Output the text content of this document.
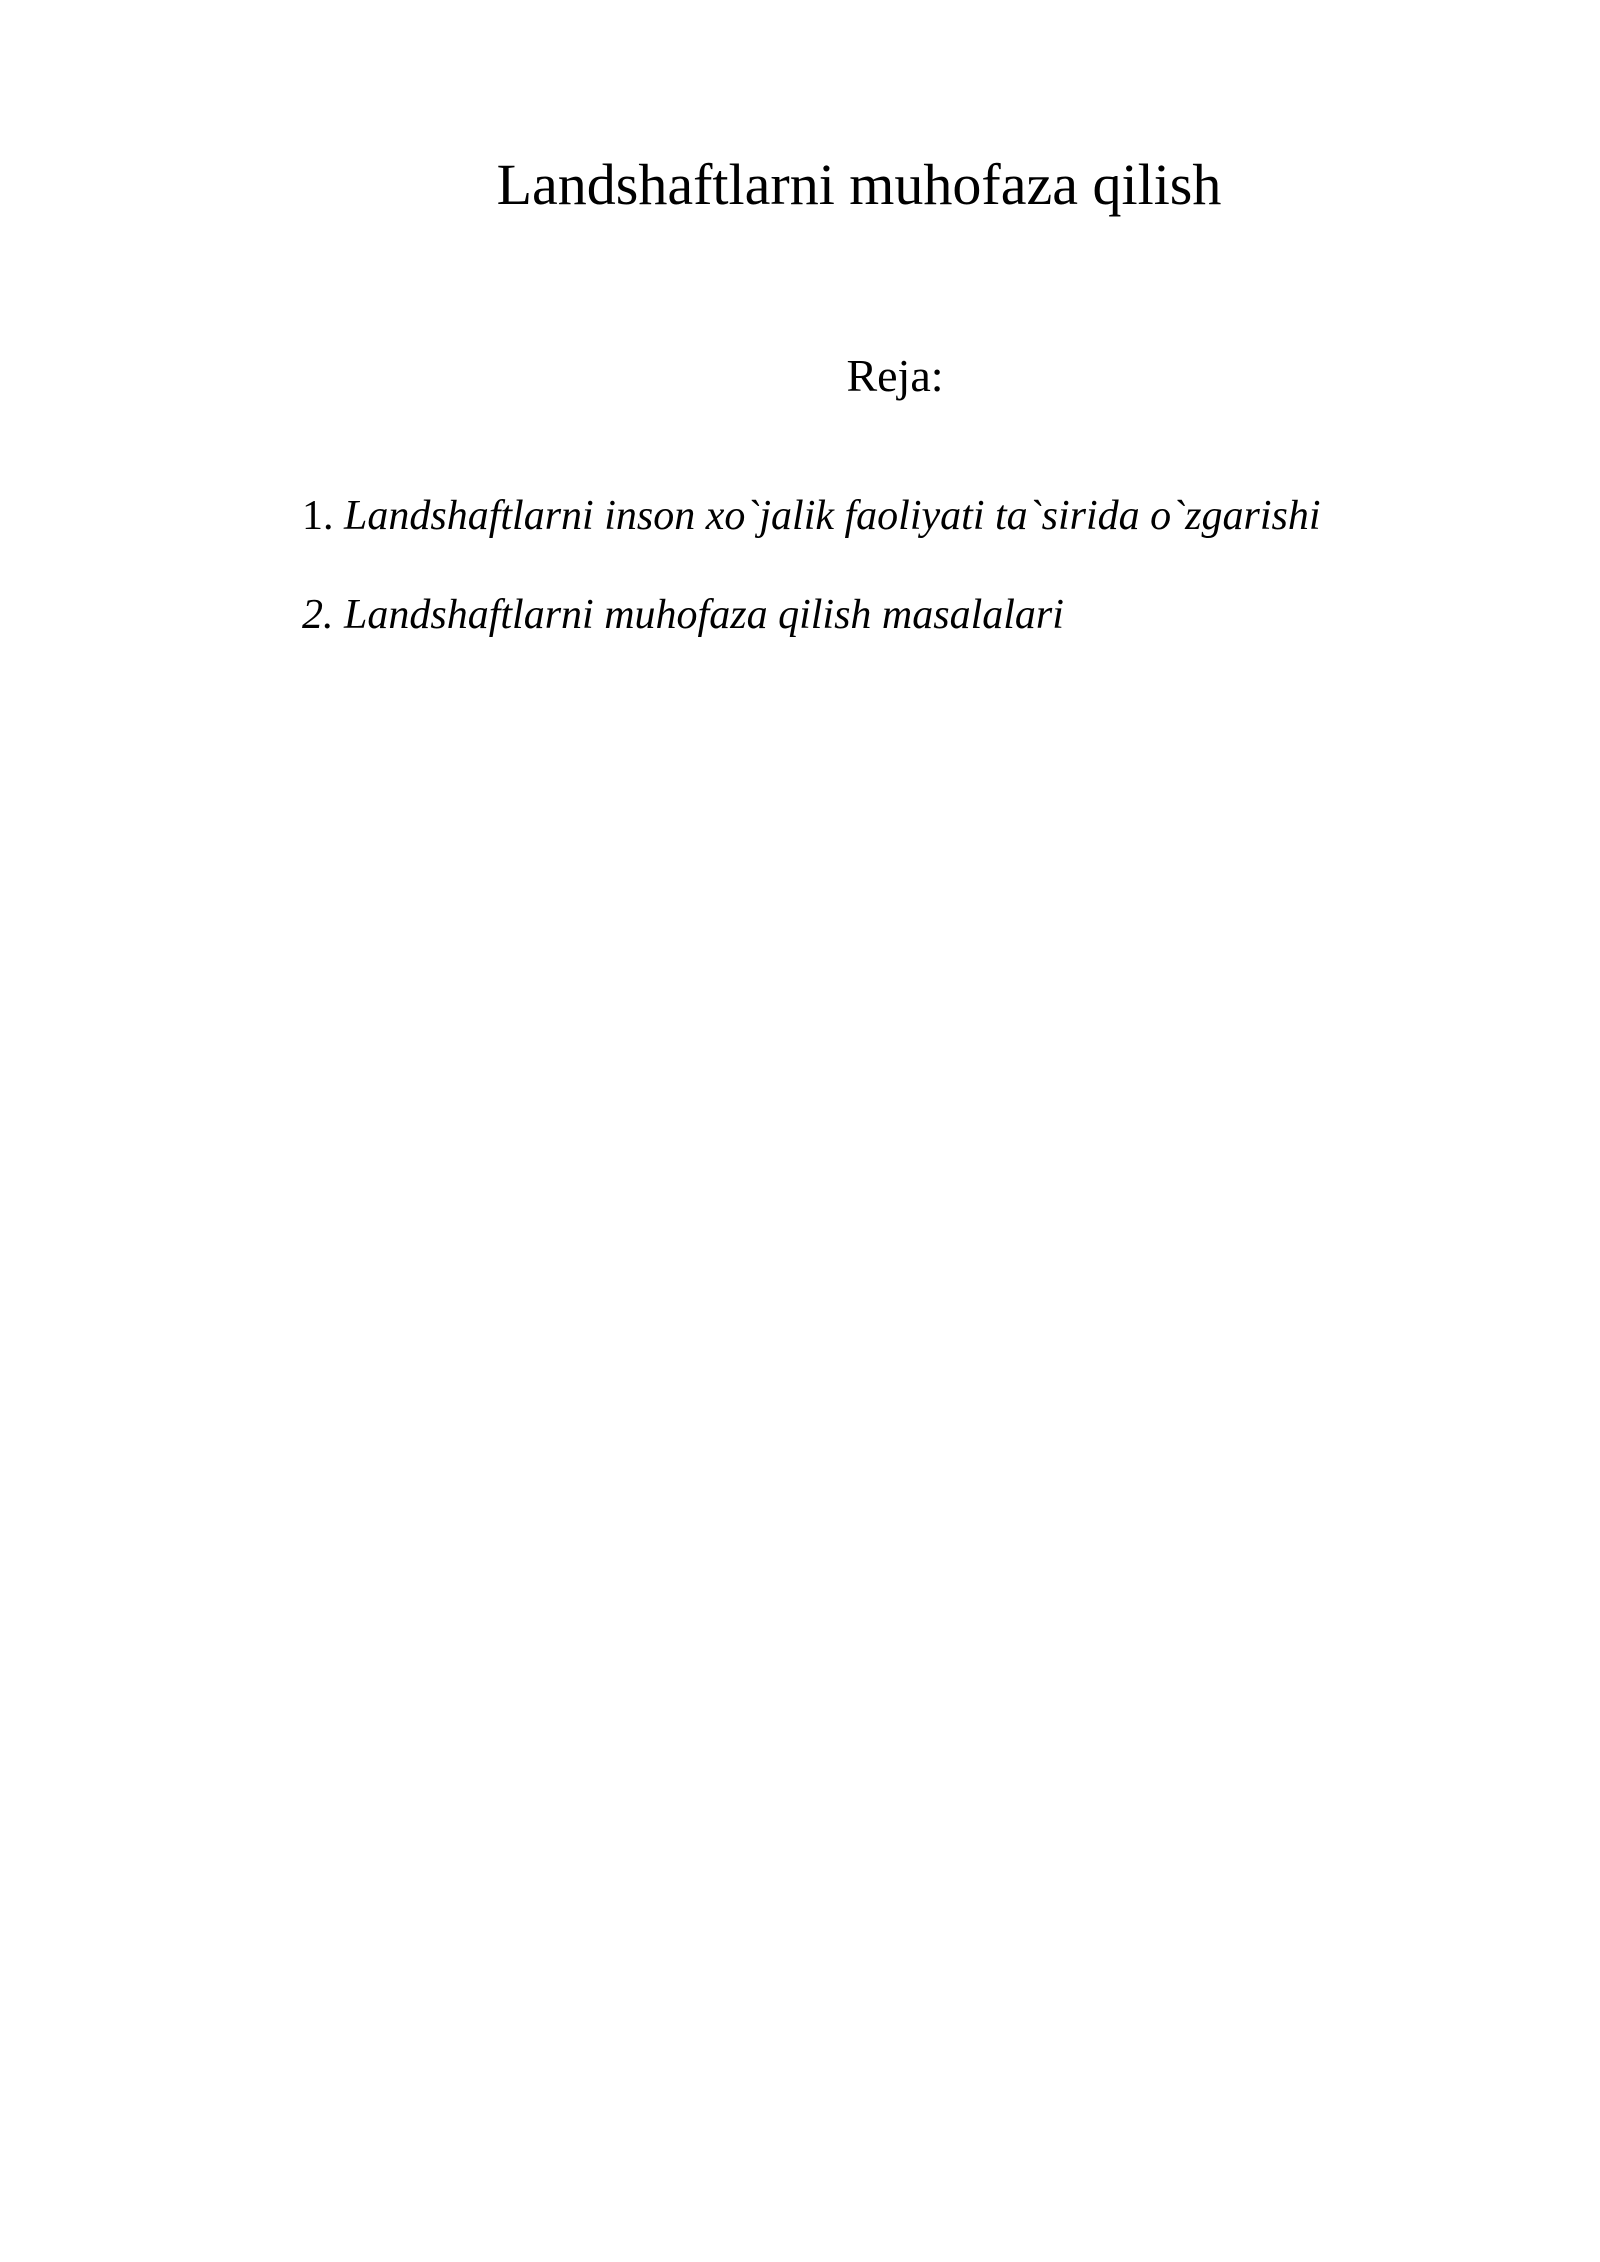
Landshaftlarni muhofaza qilish

Reja:

1. Landshaftlarni inson xo`jalik faoliyati ta`sirida o`zgarishi
2. Landshaftlarni muhofaza qilish masalalari
